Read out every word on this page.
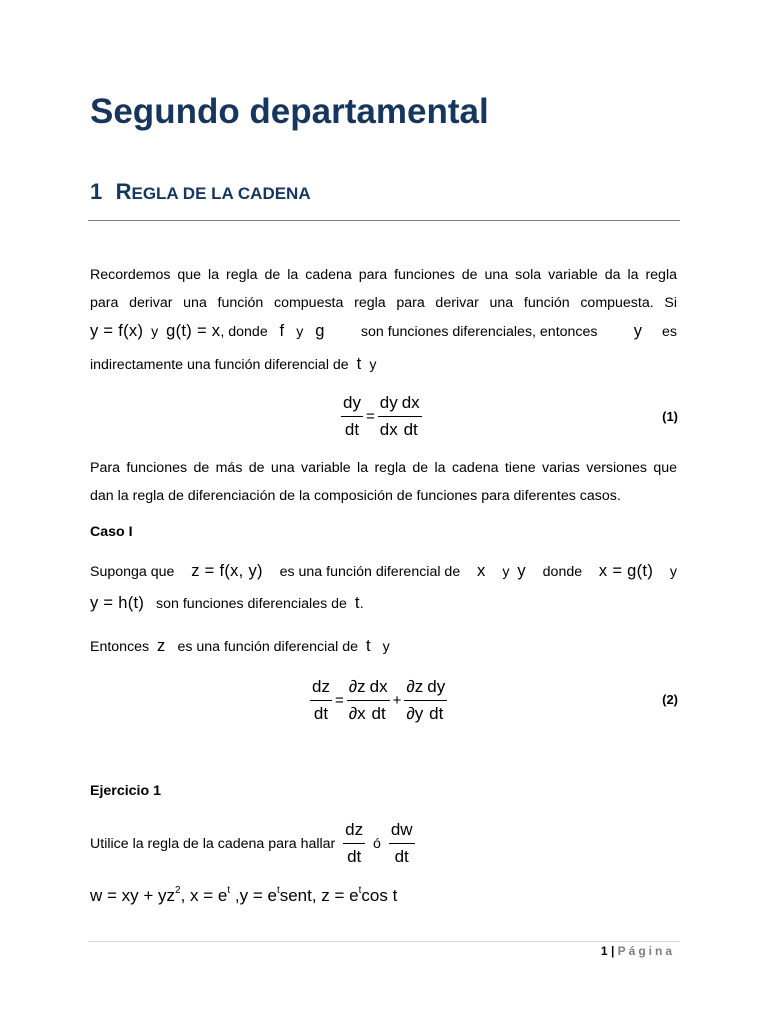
Segundo departamental
1 REGLA DE LA CADENA
Recordemos que la regla de la cadena para funciones de una sola variable da la regla
para derivar una función compuesta regla para derivar una función compuesta. Si
y = f(x) y g(t) = x, donde f y g	son funciones diferenciales, entonces y es
indirectamente una función diferencial de t y
$\frac{dy}{dt} = \frac{dy}{dx} \frac{dx}{dt}$	(1)
Para funciones de más de una variable la regla de la cadena tiene varias versiones que
dan la regla de diferenciación de la composición de funciones para diferentes casos.
Caso I
Suponga que z = f(x, y) es una función diferencial de x y y donde x = g(t) y
y = h(t) son funciones diferenciales de t.
Entonces z es una función diferencial de t y
$\frac{dz}{dt} = \frac{\partial z}{\partial x} \frac{dx}{dt} + \frac{\partial z}{\partial y} \frac{dy}{dt}$	(2)
Ejercicio 1
Utilice la regla de la cadena para hallar
$\frac{dz}{dt}$
ó
$\frac{dw}{dt}$
w = xy + $yz^2$, $x = e^t$ $,y = e^tsent$, $z = e^t\cos$ t
1 | Página
